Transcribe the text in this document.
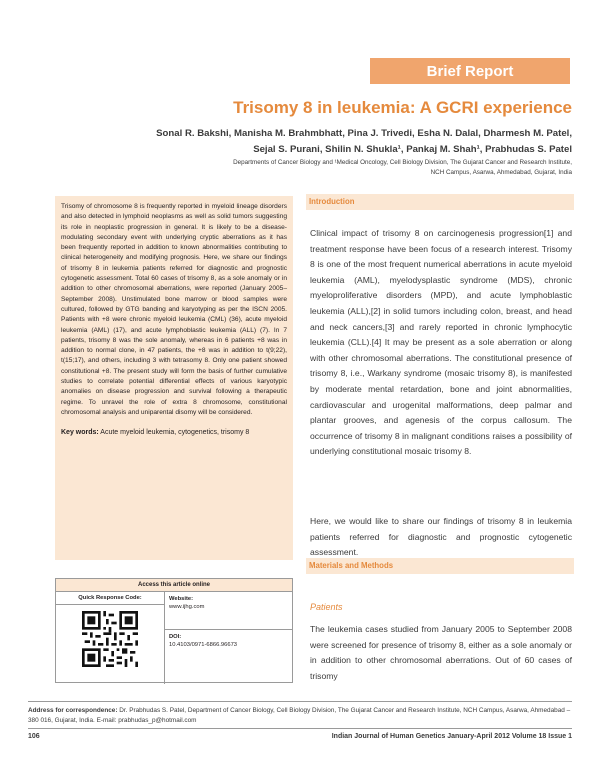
Brief Report
Trisomy 8 in leukemia: A GCRI experience
Sonal R. Bakshi, Manisha M. Brahmbhatt, Pina J. Trivedi, Esha N. Dalal, Dharmesh M. Patel,
Sejal S. Purani, Shilin N. Shukla¹, Pankaj M. Shah¹, Prabhudas S. Patel
Departments of Cancer Biology and ¹Medical Oncology, Cell Biology Division, The Gujarat Cancer and Research Institute,
NCH Campus, Asarwa, Ahmedabad, Gujarat, India

Trisomy of chromosome 8 is frequently reported in myeloid lineage disorders and also detected in lymphoid neoplasms as well as solid tumors suggesting its role in neoplastic progression in general. It is likely to be a disease-modulating secondary event with underlying cryptic aberrations as it has been frequently reported in addition to known abnormalities contributing to clinical heterogeneity and modifying prognosis. Here, we share our findings of trisomy 8 in leukemia patients referred for diagnostic and prognostic cytogenetic assessment. Total 60 cases of trisomy 8, as a sole anomaly or in addition to other chromosomal aberrations, were reported (January 2005–September 2008). Unstimulated bone marrow or blood samples were cultured, followed by GTG banding and karyotyping as per the ISCN 2005. Patients with +8 were chronic myeloid leukemia (CML) (36), acute myeloid leukemia (AML) (17), and acute lymphoblastic leukemia (ALL) (7). In 7 patients, trisomy 8 was the sole anomaly, whereas in 6 patients +8 was in addition to normal clone, in 47 patients, the +8 was in addition to t(9;22), t(15;17), and others, including 3 with tetrasomy 8. Only one patient showed constitutional +8. The present study will form the basis of further cumulative studies to correlate potential differential effects of various karyotypic anomalies on disease progression and survival following a therapeutic regime. To unravel the role of extra 8 chromosome, constitutional chromosomal analysis and uniparental disomy will be considered.

Key words: Acute myeloid leukemia, cytogenetics, trisomy 8

Access this article online
Quick Response Code:	Website:
www.ijhg.com
DOI:
10.4103/0971-6866.96673
Introduction

Clinical impact of trisomy 8 on carcinogenesis progression[1] and treatment response have been focus of a research interest. Trisomy 8 is one of the most frequent numerical aberrations in acute myeloid leukemia (AML), myelodysplastic syndrome (MDS), chronic myeloproliferative disorders (MPD), and acute lymphoblastic leukemia (ALL),[2] in solid tumors including colon, breast, and head and neck cancers,[3] and rarely reported in chronic lymphocytic leukemia (CLL).[4] It may be present as a sole aberration or along with other chromosomal aberrations. The constitutional presence of trisomy 8, i.e., Warkany syndrome (mosaic trisomy 8), is manifested by moderate mental retardation, bone and joint abnormalities, cardiovascular and urogenital malformations, deep palmar and plantar grooves, and agenesis of the corpus callosum. The occurrence of trisomy 8 in malignant conditions raises a possibility of underlying constitutional mosaic trisomy 8.

Here, we would like to share our findings of trisomy 8 in leukemia patients referred for diagnostic and prognostic cytogenetic assessment.

Materials and Methods
Patients

The leukemia cases studied from January 2005 to September 2008 were screened for presence of trisomy 8, either as a sole anomaly or in addition to other chromosomal aberrations. Out of 60 cases of trisomy

Address for correspondence: Dr. Prabhudas S. Patel, Department of Cancer Biology, Cell Biology Division, The Gujarat Cancer and Research Institute, NCH Campus, Asarwa, Ahmedabad – 380 016, Gujarat, India. E-mail: prabhudas_p@hotmail.com
106	Indian Journal of Human Genetics January-April 2012 Volume 18 Issue 1
